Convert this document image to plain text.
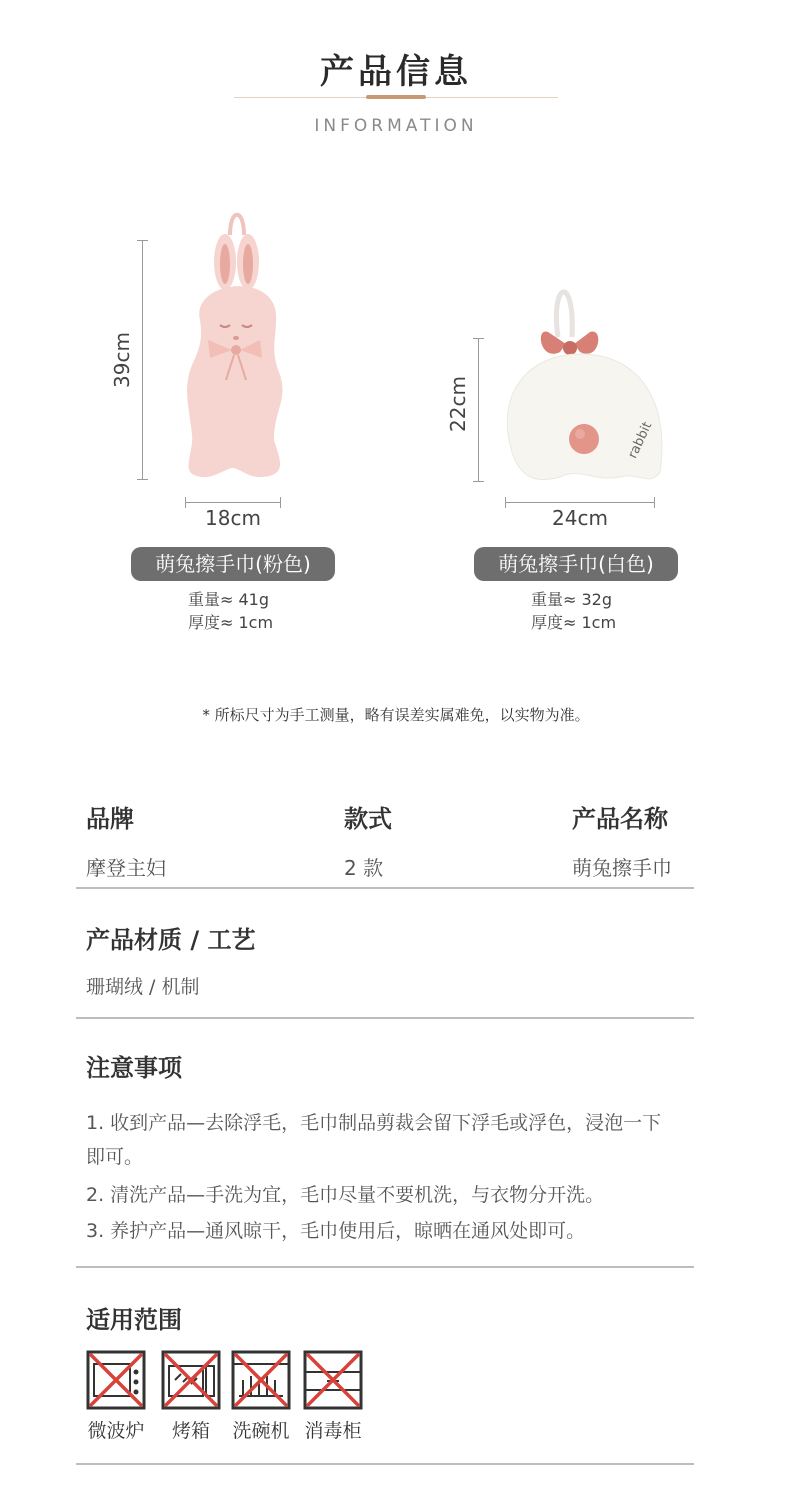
产品信息
INFORMATION
39cm
18cm
萌兔擦手巾(粉色)
重量≈ 41g
厚度≈ 1cm
rabbit
22cm
24cm
萌兔擦手巾(白色)
重量≈ 32g
厚度≈ 1cm
* 所标尺寸为手工测量，略有误差实属难免，以实物为准。
品牌	款式	产品名称
摩登主妇	2 款	萌兔擦手巾
产品材质 / 工艺
珊瑚绒 / 机制
注意事项
1. 收到产品—去除浮毛，毛巾制品剪裁会留下浮毛或浮色，浸泡一下即可。
2. 清洗产品—手洗为宜，毛巾尽量不要机洗，与衣物分开洗。
3. 养护产品—通风晾干，毛巾使用后，晾晒在通风处即可。
适用范围
微波炉	烤箱	洗碗机 消毒柜
